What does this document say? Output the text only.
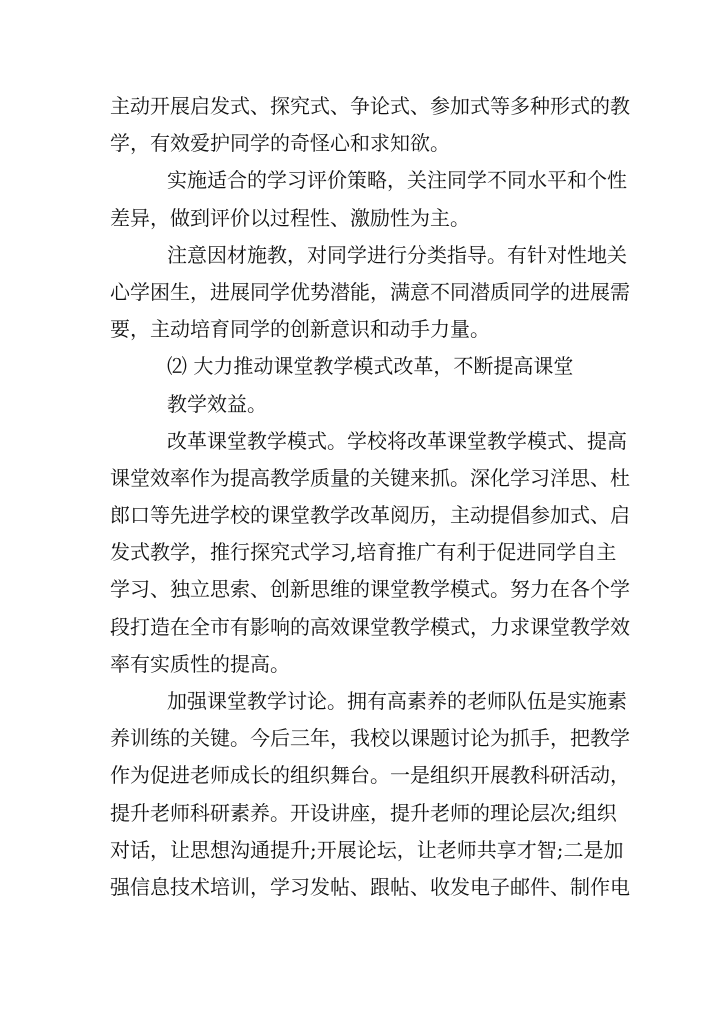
主动开展启发式、探究式、争论式、参加式等多种形式的教
学，有效爱护同学的奇怪心和求知欲。
实施适合的学习评价策略，关注同学不同水平和个性
差异，做到评价以过程性、激励性为主。
注意因材施教，对同学进行分类指导。有针对性地关
心学困生，进展同学优势潜能，满意不同潜质同学的进展需
要，主动培育同学的创新意识和动手力量。
⑵ 大力推动课堂教学模式改革，不断提高课堂
教学效益。
改革课堂教学模式。学校将改革课堂教学模式、提高
课堂效率作为提高教学质量的关键来抓。深化学习洋思、杜
郎口等先进学校的课堂教学改革阅历，主动提倡参加式、启
发式教学，推行探究式学习,培育推广有利于促进同学自主
学习、独立思索、创新思维的课堂教学模式。努力在各个学
段打造在全市有影响的高效课堂教学模式，力求课堂教学效
率有实质性的提高。
加强课堂教学讨论。拥有高素养的老师队伍是实施素
养训练的关键。今后三年，我校以课题讨论为抓手，把教学
作为促进老师成长的组织舞台。一是组织开展教科研活动，
提升老师科研素养。开设讲座，提升老师的理论层次;组织
对话，让思想沟通提升;开展论坛，让老师共享才智;二是加
强信息技术培训，学习发帖、跟帖、收发电子邮件、制作电
